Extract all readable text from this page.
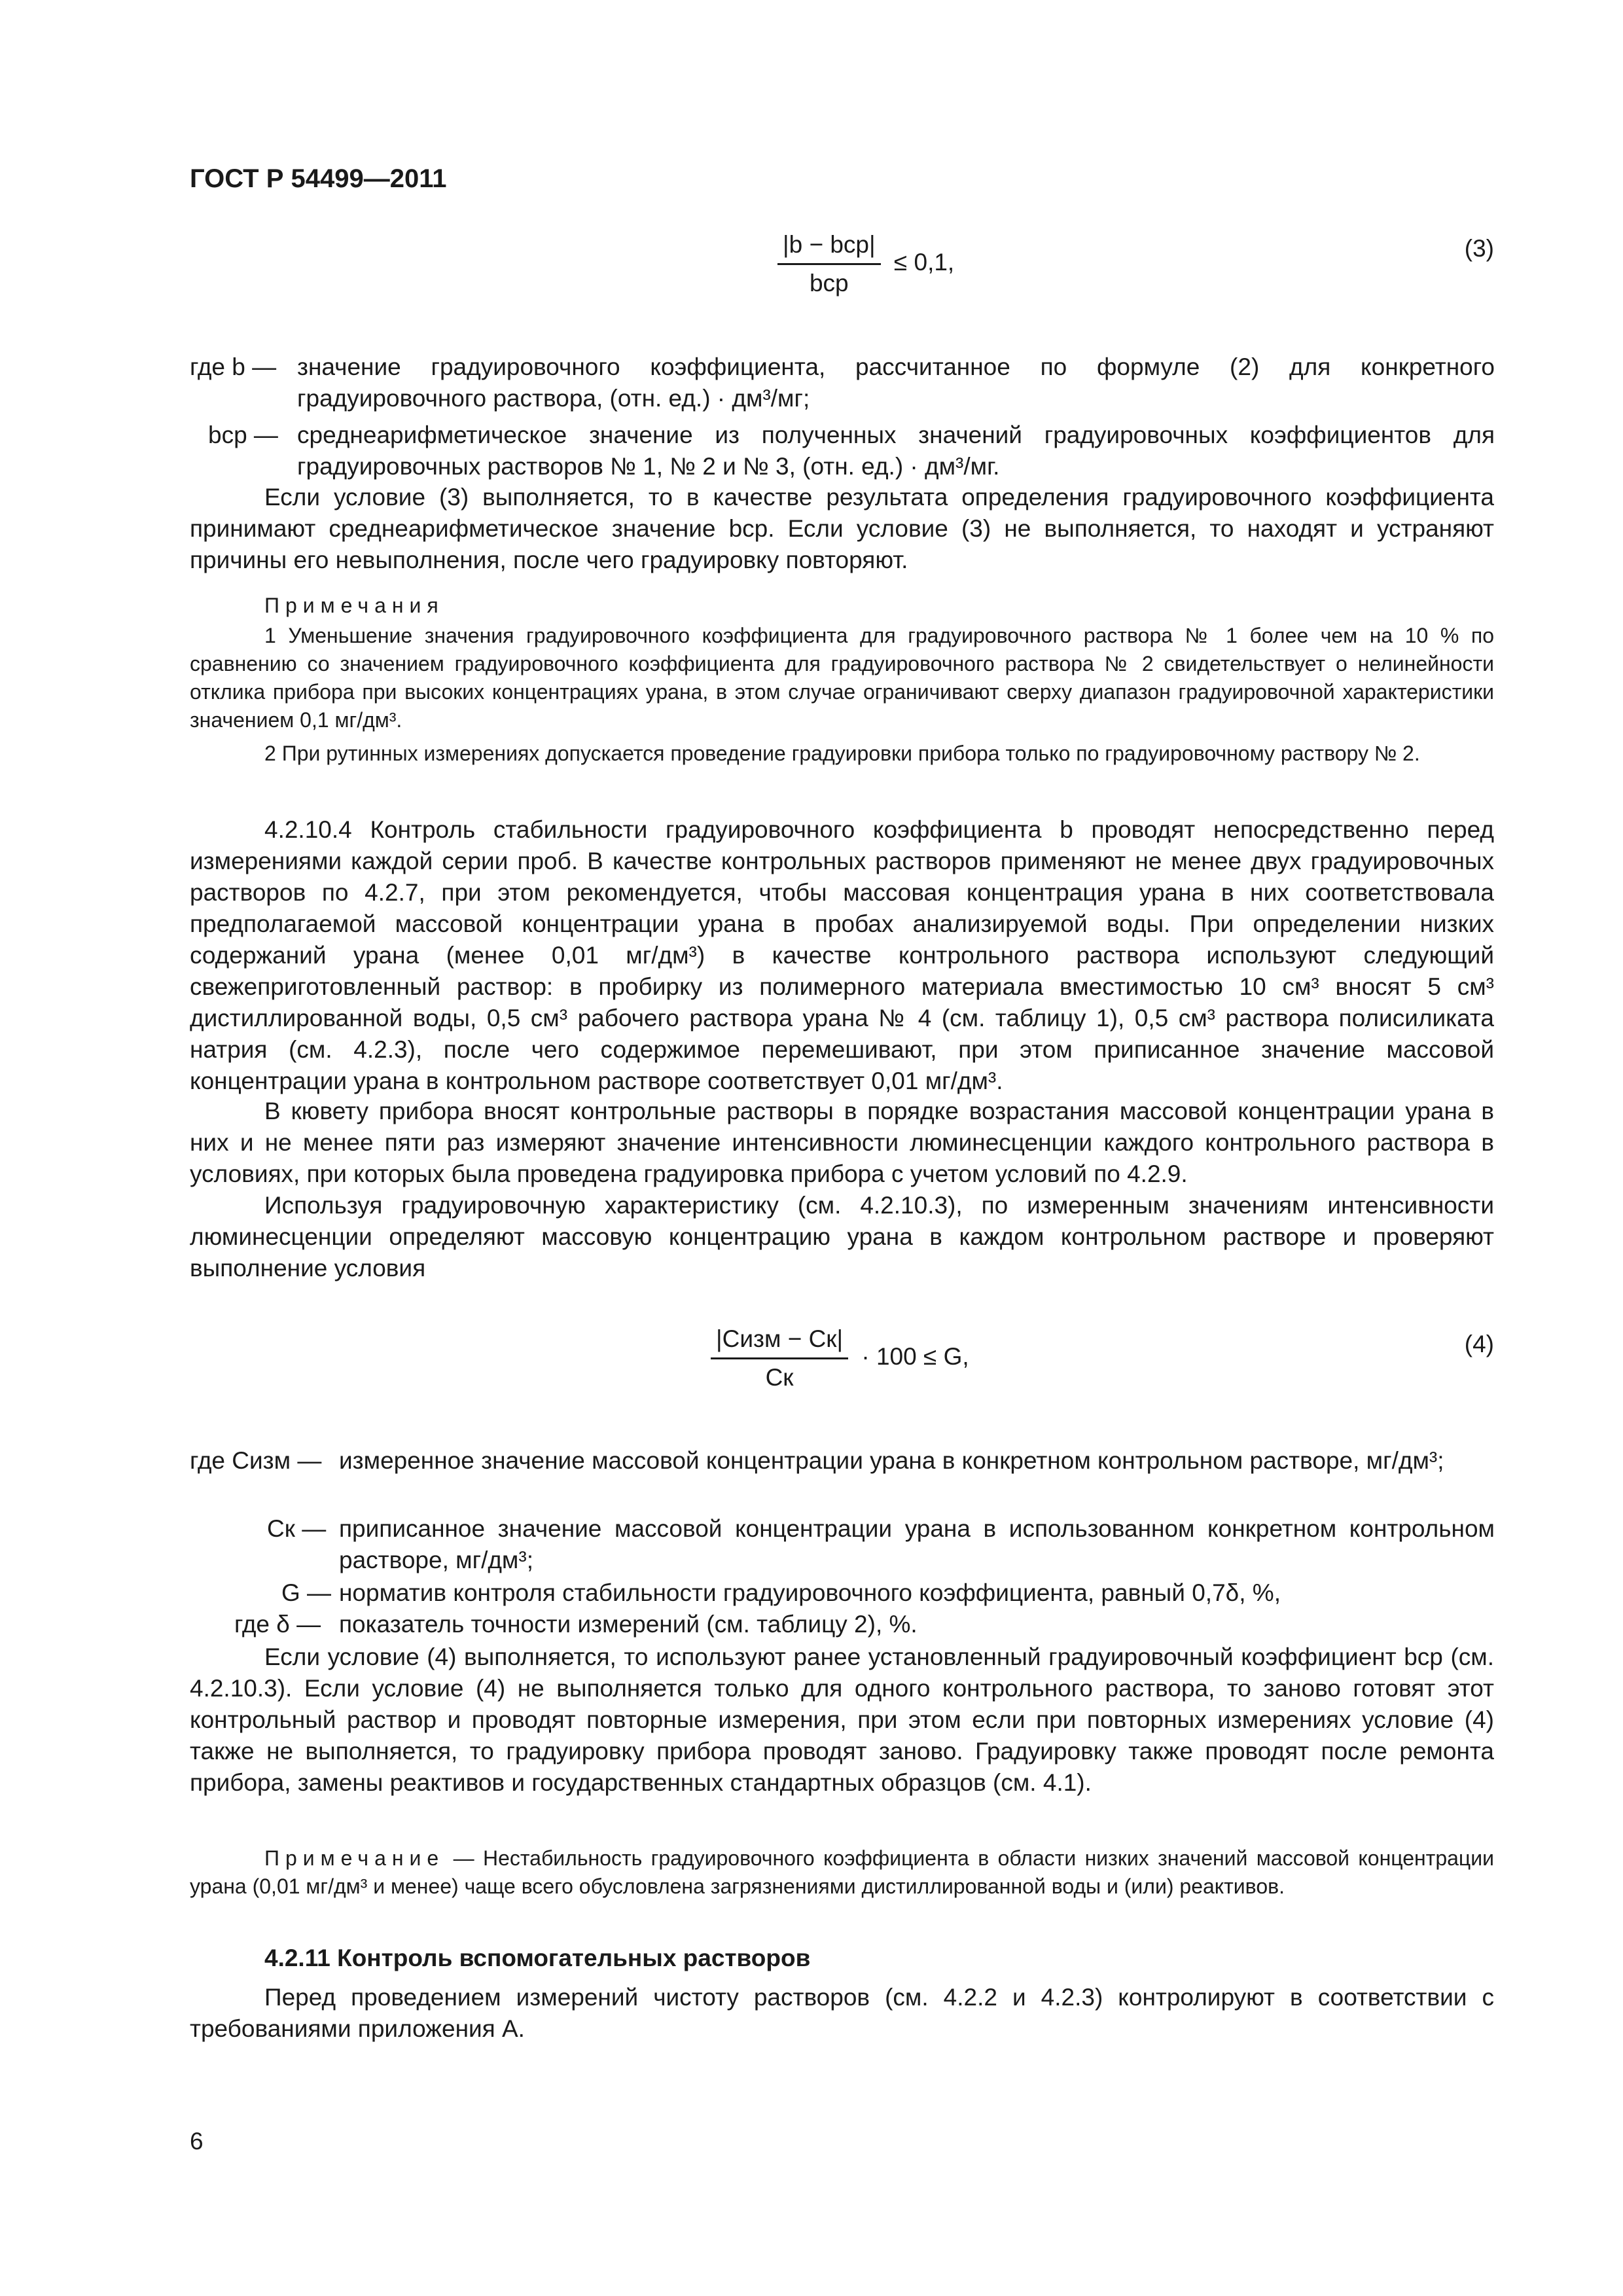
ГОСТ Р 54499—2011
$\frac{\text{|b − bср|}}{\text{bср}} \le 0,1$,
(3)
где b — значение градуировочного коэффициента, рассчитанное по формуле (2) для конкретного градуировочного раствора, (отн. ед.) · дм³/мг;
bср — среднеарифметическое значение из полученных значений градуировочных коэффициентов для градуировочных растворов № 1, № 2 и № 3, (отн. ед.) · дм³/мг.
Если условие (3) выполняется, то в качестве результата определения градуировочного коэффициента принимают среднеарифметическое значение bср. Если условие (3) не выполняется, то находят и устраняют причины его невыполнения, после чего градуировку повторяют.
Примечания
1 Уменьшение значения градуировочного коэффициента для градуировочного раствора № 1 более чем на 10 % по сравнению со значением градуировочного коэффициента для градуировочного раствора № 2 свидетельствует о нелинейности отклика прибора при высоких концентрациях урана, в этом случае ограничивают сверху диапазон градуировочной характеристики значением 0,1 мг/дм³.
2 При рутинных измерениях допускается проведение градуировки прибора только по градуировочному раствору № 2.
4.2.10.4 Контроль стабильности градуировочного коэффициента b проводят непосредственно перед измерениями каждой серии проб. В качестве контрольных растворов применяют не менее двух градуировочных растворов по 4.2.7, при этом рекомендуется, чтобы массовая концентрация урана в них соответствовала предполагаемой массовой концентрации урана в пробах анализируемой воды. При определении низких содержаний урана (менее 0,01 мг/дм³) в качестве контрольного раствора используют следующий свежеприготовленный раствор: в пробирку из полимерного материала вместимостью 10 см³ вносят 5 см³ дистиллированной воды, 0,5 см³ рабочего раствора урана № 4 (см. таблицу 1), 0,5 см³ раствора полисиликата натрия (см. 4.2.3), после чего содержимое перемешивают, при этом приписанное значение массовой концентрации урана в контрольном растворе соответствует 0,01 мг/дм³.
В кювету прибора вносят контрольные растворы в порядке возрастания массовой концентрации урана в них и не менее пяти раз измеряют значение интенсивности люминесценции каждого контрольного раствора в условиях, при которых была проведена градуировка прибора с учетом условий по 4.2.9.
Используя градуировочную характеристику (см. 4.2.10.3), по измеренным значениям интенсивности люминесценции определяют массовую концентрацию урана в каждом контрольном растворе и проверяют выполнение условия
$\frac{\text{|Cизм − Cк|}}{Cк} \cdot 100 \le G$,	(4)
где Cизм — измеренное значение массовой концентрации урана в конкретном контрольном растворе, мг/дм³;
Cк — приписанное значение массовой концентрации урана в использованном конкретном контрольном растворе, мг/дм³;
G — норматив контроля стабильности градуировочного коэффициента, равный 0,7δ, %,
где δ — показатель точности измерений (см. таблицу 2), %.
Если условие (4) выполняется, то используют ранее установленный градуировочный коэффициент bср (см. 4.2.10.3). Если условие (4) не выполняется только для одного контрольного раствора, то заново готовят этот контрольный раствор и проводят повторные измерения, при этом если при повторных измерениях условие (4) также не выполняется, то градуировку прибора проводят заново. Градуировку также проводят после ремонта прибора, замены реактивов и государственных стандартных образцов (см. 4.1).
Примечание — Нестабильность градуировочного коэффициента в области низких значений массовой концентрации урана (0,01 мг/дм³ и менее) чаще всего обусловлена загрязнениями дистиллированной воды и (или) реактивов.
4.2.11 Контроль вспомогательных растворов
Перед проведением измерений чистоту растворов (см. 4.2.2 и 4.2.3) контролируют в соответствии с требованиями приложения А.
6
